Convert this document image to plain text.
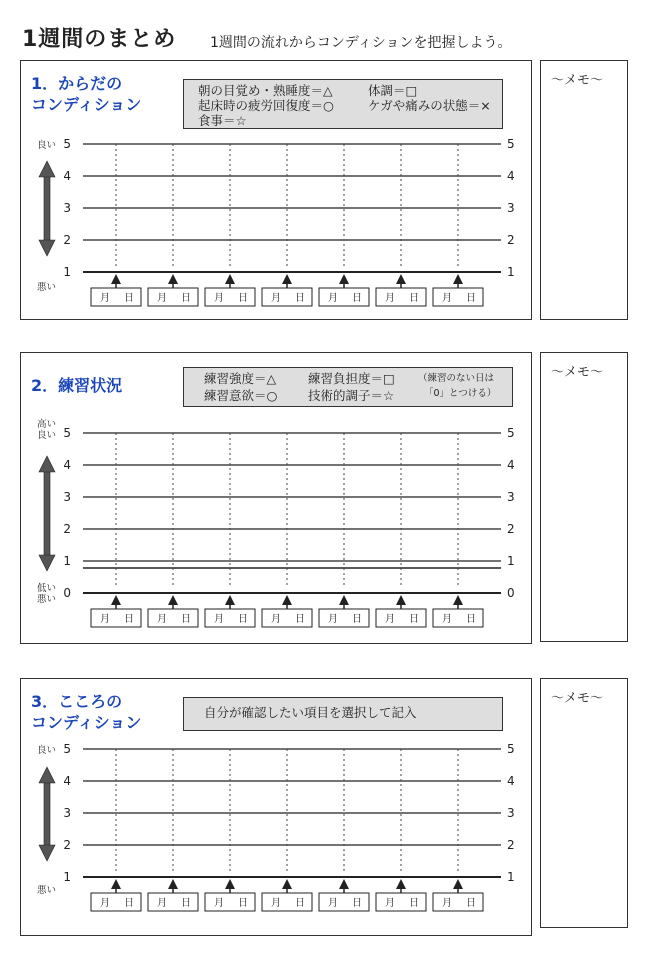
1週間のまとめ 1週間の流れからコンディションを把握しよう。
1．からだの
コンディション
朝の目覚め・熟睡度＝△	体調＝□
起床時の疲労回復度＝○	ケガや痛みの状態＝×
食事＝☆
良い
悪い
5	5
4	4
3	3
2	2
1	1
月 日 月 日 月 日 月 日 月 日 月 日 月 日
〜メモ〜
2．練習状況	練習強度＝△	練習負担度＝□
練習意欲＝○ 技術的調子＝☆
（練習のない日は
「0」とつける）
高い
良い
低い
悪い
5	5
4	4
3	3
2	2
1	1
0	0
月 日 月 日 月 日 月 日 月 日 月 日 月 日
〜メモ〜
3．こころの
コンディション
自分が確認したい項目を選択して記入
良い
悪い
5	5
4	4
3	3
2	2
1	1
月 日 月 日 月 日 月 日 月 日 月 日 月 日
〜メモ〜
